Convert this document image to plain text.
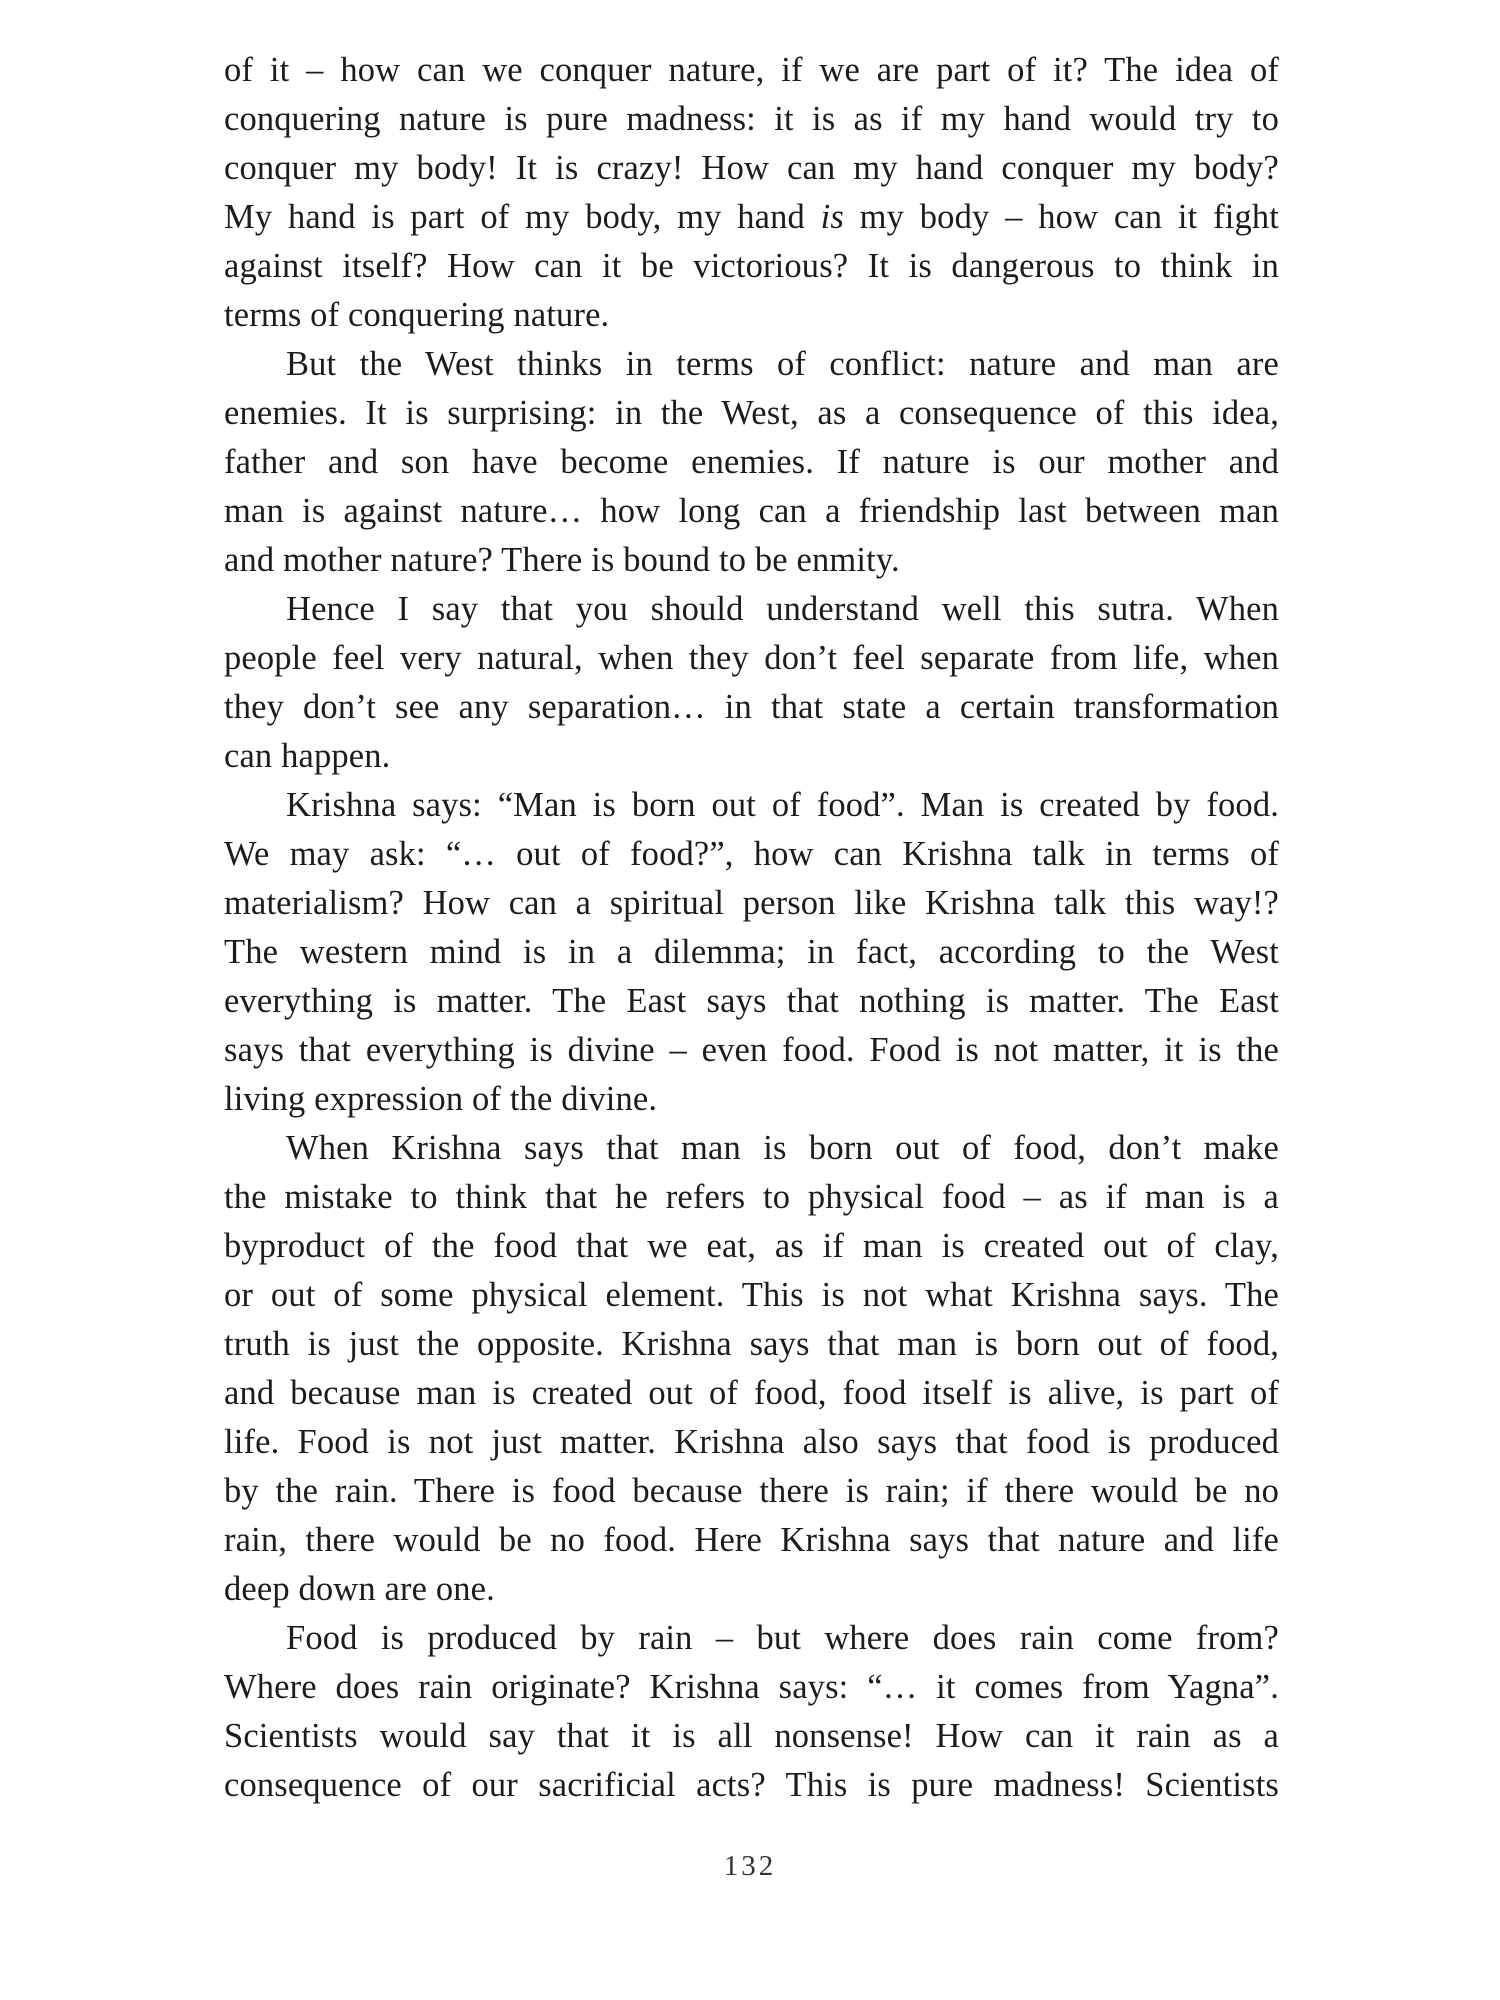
of it – how can we conquer nature, if we are part of it? The idea of
conquering nature is pure madness: it is as if my hand would try to
conquer my body! It is crazy! How can my hand conquer my body?
My hand is part of my body, my hand is my body – how can it fight
against itself? How can it be victorious? It is dangerous to think in
terms of conquering nature.
But the West thinks in terms of conflict: nature and man are
enemies. It is surprising: in the West, as a consequence of this idea,
father and son have become enemies. If nature is our mother and
man is against nature… how long can a friendship last between man
and mother nature? There is bound to be enmity.
Hence I say that you should understand well this sutra. When
people feel very natural, when they don’t feel separate from life, when
they don’t see any separation… in that state a certain transformation
can happen.
Krishna says: “Man is born out of food”. Man is created by food.
We may ask: “… out of food?”, how can Krishna talk in terms of
materialism? How can a spiritual person like Krishna talk this way!?
The western mind is in a dilemma; in fact, according to the West
everything is matter. The East says that nothing is matter. The East
says that everything is divine – even food. Food is not matter, it is the
living expression of the divine.
When Krishna says that man is born out of food, don’t make
the mistake to think that he refers to physical food – as if man is a
byproduct of the food that we eat, as if man is created out of clay,
or out of some physical element. This is not what Krishna says. The
truth is just the opposite. Krishna says that man is born out of food,
and because man is created out of food, food itself is alive, is part of
life. Food is not just matter. Krishna also says that food is produced
by the rain. There is food because there is rain; if there would be no
rain, there would be no food. Here Krishna says that nature and life
deep down are one.
Food is produced by rain – but where does rain come from?
Where does rain originate? Krishna says: “… it comes from Yagna”.
Scientists would say that it is all nonsense! How can it rain as a
consequence of our sacrificial acts? This is pure madness! Scientists
132
